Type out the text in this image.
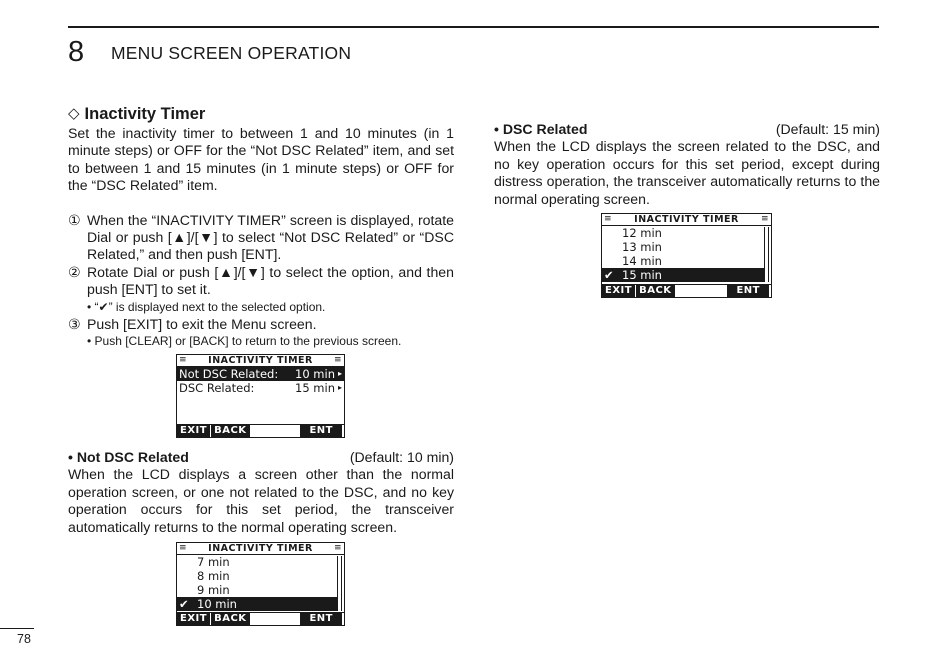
8 MENU SCREEN OPERATION
◇ Inactivity Timer

Set the inactivity timer to between 1 and 10 minutes (in 1 minute steps) or OFF for the “Not DSC Related” item, and set to between 1 and 15 minutes (in 1 minute steps) or OFF for the “DSC Related” item.

① When the “INACTIVITY TIMER” screen is displayed, rotate Dial or push [▲]/[▼] to select “Not DSC Related” or “DSC Related,” and then push [ENT].
② Rotate Dial or push [▲]/[▼] to select the option, and then push [ENT] to set it.
• “✔” is displayed next to the selected option.
③ Push [EXIT] to exit the Menu screen.
• Push [CLEAR] or [BACK] to return to the previous screen.
≡ INACTIVITY TIMER ≡
Not DSC Related:	10 min ▸
DSC Related:	15 min ▸
EXIT BACK	ENT
• Not DSC Related	(Default: 10 min)

When the LCD displays a screen other than the normal operation screen, or one not related to the DSC, and no key operation occurs for this set period, the transceiver automatically returns to the normal operating screen.

≡ INACTIVITY TIMER ≡
7 min
8 min
9 min
✔ 10 min
EXIT BACK	ENT
• DSC Related	(Default: 15 min)

When the LCD displays the screen related to the DSC, and no key operation occurs for this set period, except during distress operation, the transceiver automatically returns to the normal operating screen.

≡ INACTIVITY TIMER ≡
12 min
13 min
14 min
✔ 15 min
EXIT BACK	ENT
78
